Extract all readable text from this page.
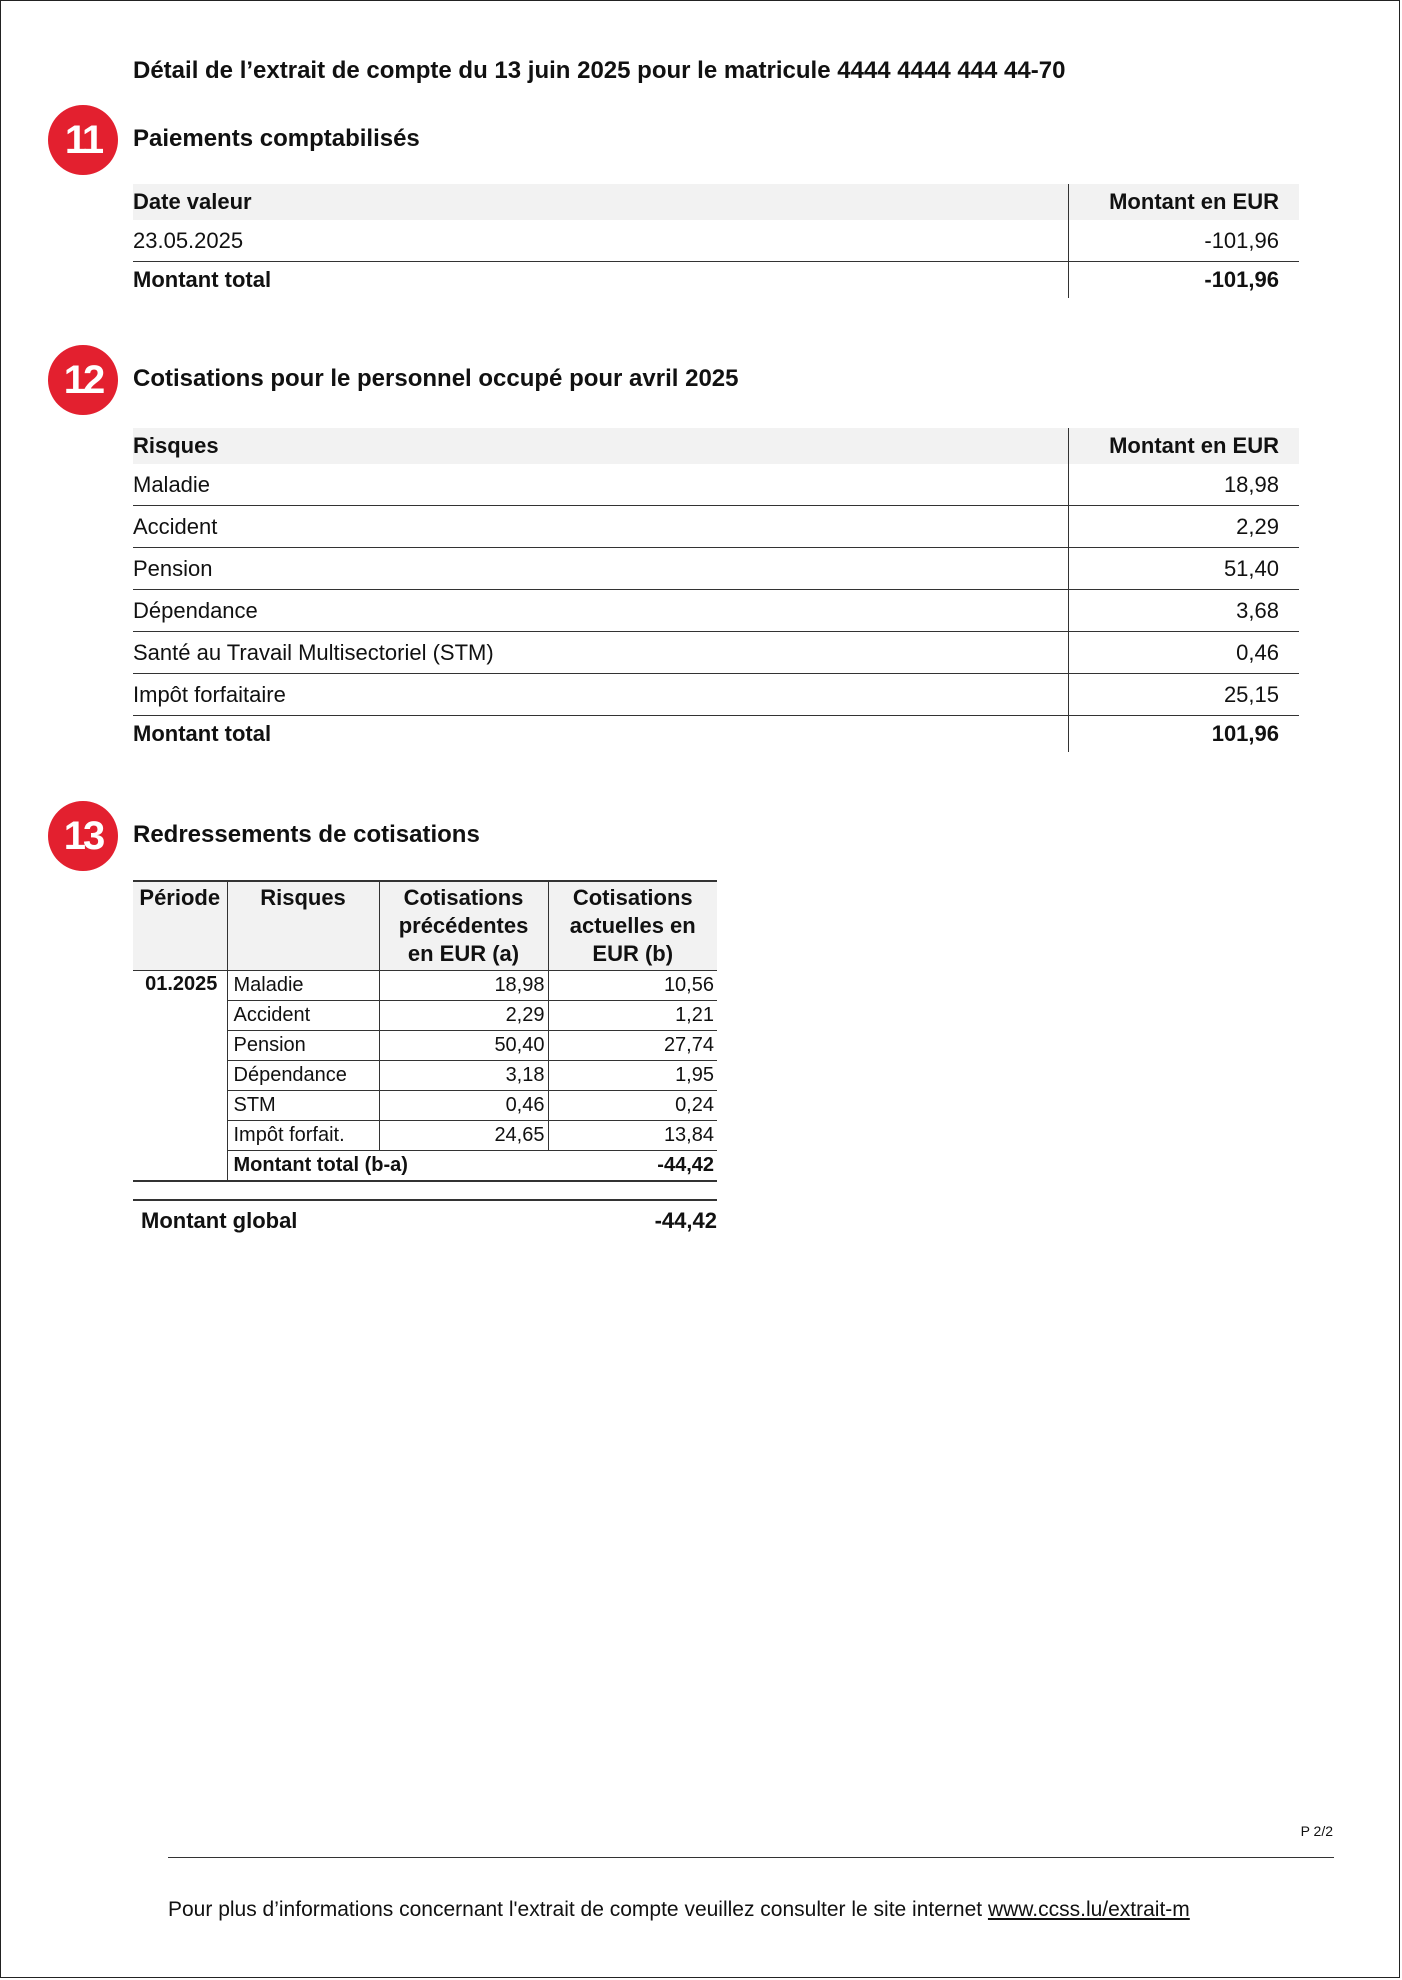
Détail de l’extrait de compte du 13 juin 2025 pour le matricule 4444 4444 444 44-70
11	Paiements comptabilisés
Date valeur	Montant en EUR
23.05.2025	-101,96
Montant total	-101,96
12	Cotisations pour le personnel occupé pour avril 2025
Risques	Montant en EUR
Maladie	18,98
Accident	2,29
Pension	51,40
Dépendance	3,68
Santé au Travail Multisectoriel (STM)	0,46
Impôt forfaitaire	25,15
Montant total	101,96
13	Redressements de cotisations
Période	Risques	Cotisations précédentes en EUR (a)	Cotisations actuelles en EUR (b)
01.2025	Maladie	18,98	10,56
	Accident	2,29	1,21
	Pension	50,40	27,74
	Dépendance	3,18	1,95
	STM	0,46	0,24
	Impôt forfait.	24,65	13,84
	Montant total (b-a)		-44,42
Montant global	-44,42
P 2/2
Pour plus d’informations concernant l'extrait de compte veuillez consulter le site internet www.ccss.lu/extrait-m
